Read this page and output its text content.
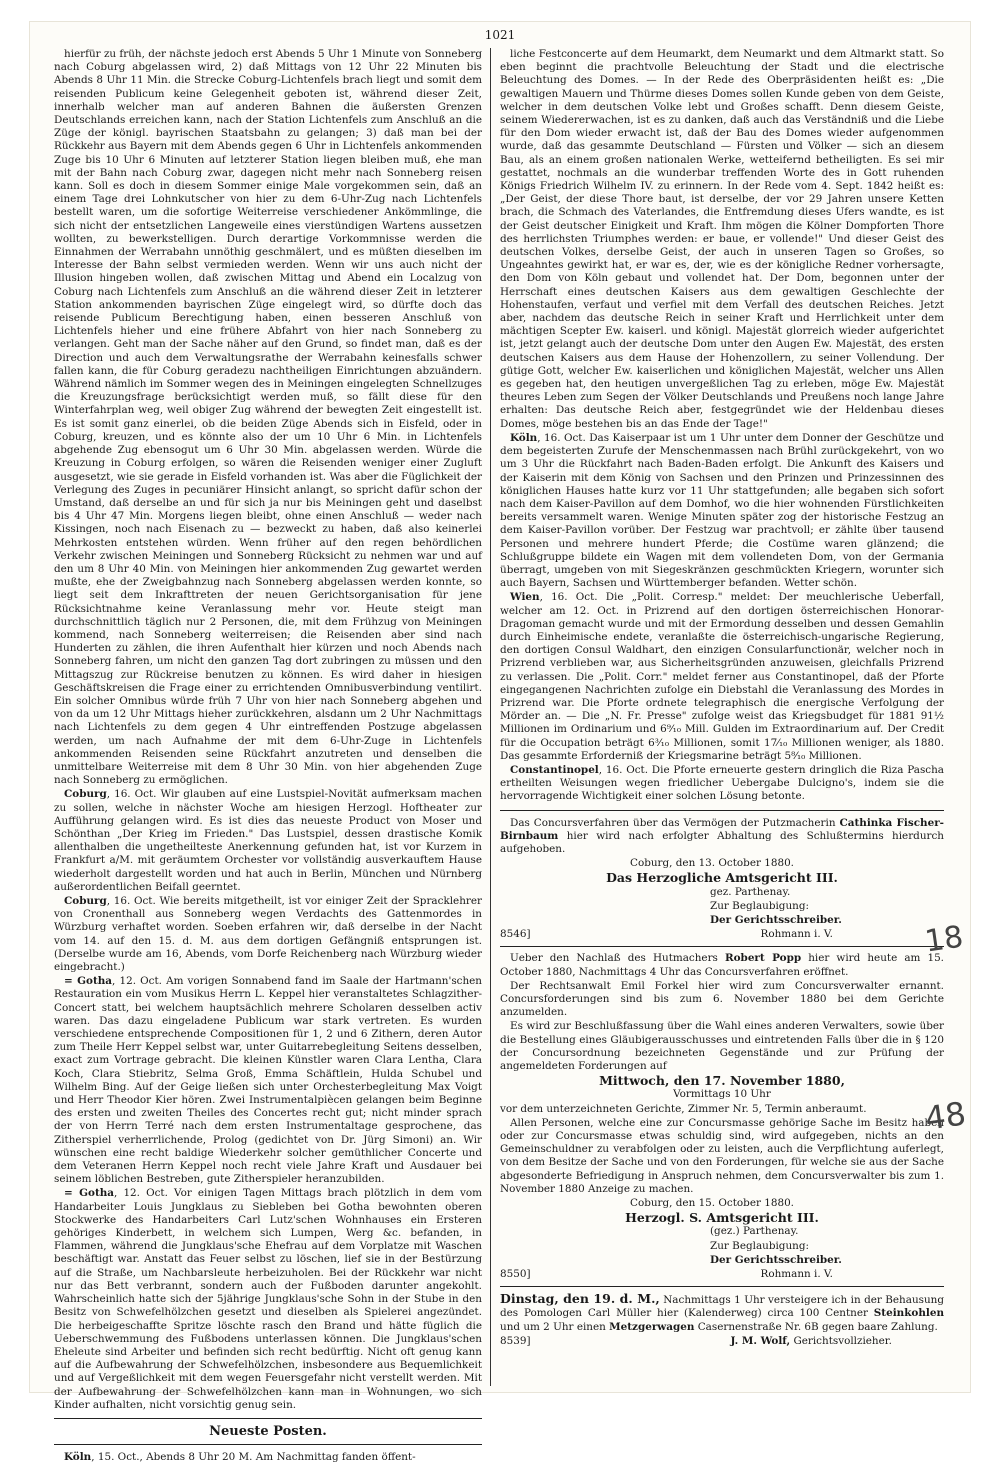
1021

hierfür zu früh, der nächste jedoch erst Abends 5 Uhr 1 Minute von Sonneberg nach Coburg abgelassen wird, 2) daß Mittags von 12 Uhr 22 Minuten bis Abends 8 Uhr 11 Min. die Strecke Coburg-Lichtenfels brach liegt und somit dem reisenden Publicum keine Gelegenheit geboten ist, während dieser Zeit, innerhalb welcher man auf anderen Bahnen die äußersten Grenzen Deutschlands erreichen kann, nach der Station Lichtenfels zum Anschluß an die Züge der königl. bayrischen Staatsbahn zu gelangen; 3) daß man bei der Rückkehr aus Bayern mit dem Abends gegen 6 Uhr in Lichtenfels ankommenden Zuge bis 10 Uhr 6 Minuten auf letzterer Station liegen bleiben muß, ehe man mit der Bahn nach Coburg zwar, dagegen nicht mehr nach Sonneberg reisen kann. Soll es doch in diesem Sommer einige Male vorgekommen sein, daß an einem Tage drei Lohnkutscher von hier zu dem 6-Uhr-Zug nach Lichtenfels bestellt waren, um die sofortige Weiterreise verschiedener Ankömmlinge, die sich nicht der entsetzlichen Langeweile eines vierstündigen Wartens aussetzen wollten, zu bewerkstelligen. Durch derartige Vorkommnisse werden die Einnahmen der Werrabahn unnöthig geschmälert, und es müßten dieselben im Interesse der Bahn selbst vermieden werden. Wenn wir uns auch nicht der Illusion hingeben wollen, daß zwischen Mittag und Abend ein Localzug von Coburg nach Lichtenfels zum Anschluß an die während dieser Zeit in letzterer Station ankommenden bayrischen Züge eingelegt wird, so dürfte doch das reisende Publicum Berechtigung haben, einen besseren Anschluß von Lichtenfels hieher und eine frühere Abfahrt von hier nach Sonneberg zu verlangen. Geht man der Sache näher auf den Grund, so findet man, daß es der Direction und auch dem Verwaltungsrathe der Werrabahn keinesfalls schwer fallen kann, die für Coburg geradezu nachtheiligen Einrichtungen abzuändern. Während nämlich im Sommer wegen des in Meiningen eingelegten Schnellzuges die Kreuzungsfrage berücksichtigt werden muß, so fällt diese für den Winterfahrplan weg, weil obiger Zug während der bewegten Zeit eingestellt ist. Es ist somit ganz einerlei, ob die beiden Züge Abends sich in Eisfeld, oder in Coburg, kreuzen, und es könnte also der um 10 Uhr 6 Min. in Lichtenfels abgehende Zug ebensogut um 6 Uhr 30 Min. abgelassen werden. Würde die Kreuzung in Coburg erfolgen, so wären die Reisenden weniger einer Zugluft ausgesetzt, wie sie gerade in Eisfeld vorhanden ist. Was aber die Füglichkeit der Verlegung des Zuges in pecuniärer Hinsicht anlangt, so spricht dafür schon der Umstand, daß derselbe an und für sich ja nur bis Meiningen geht und daselbst bis 4 Uhr 47 Min. Morgens liegen bleibt, ohne einen Anschluß — weder nach Kissingen, noch nach Eisenach zu — bezweckt zu haben, daß also keinerlei Mehrkosten entstehen würden. Wenn früher auf den regen behördlichen Verkehr zwischen Meiningen und Sonneberg Rücksicht zu nehmen war und auf den um 8 Uhr 40 Min. von Meiningen hier ankommenden Zug gewartet werden mußte, ehe der Zweigbahnzug nach Sonneberg abgelassen werden konnte, so liegt seit dem Inkrafttreten der neuen Gerichtsorganisation für jene Rücksichtnahme keine Veranlassung mehr vor. Heute steigt man durchschnittlich täglich nur 2 Personen, die, mit dem Frühzug von Meiningen kommend, nach Sonneberg weiterreisen; die Reisenden aber sind nach Hunderten zu zählen, die ihren Aufenthalt hier kürzen und noch Abends nach Sonneberg fahren, um nicht den ganzen Tag dort zubringen zu müssen und den Mittagszug zur Rückreise benutzen zu können. Es wird daher in hiesigen Geschäftskreisen die Frage einer zu errichtenden Omnibusverbindung ventilirt. Ein solcher Omnibus würde früh 7 Uhr von hier nach Sonneberg abgehen und von da um 12 Uhr Mittags hieher zurückkehren, alsdann um 2 Uhr Nachmittags nach Lichtenfels zu dem gegen 4 Uhr eintreffenden Postzuge abgelassen werden, um nach Aufnahme der mit dem 6-Uhr-Zuge in Lichtenfels ankommenden Reisenden seine Rückfahrt anzutreten und denselben die unmittelbare Weiterreise mit dem 8 Uhr 30 Min. von hier abgehenden Zuge nach Sonneberg zu ermöglichen.

Coburg, 16. Oct. Wir glauben auf eine Lustspiel-Novität aufmerksam machen zu sollen, welche in nächster Woche am hiesigen Herzogl. Hoftheater zur Aufführung gelangen wird. Es ist dies das neueste Product von Moser und Schönthan „Der Krieg im Frieden." Das Lustspiel, dessen drastische Komik allenthalben die ungetheilteste Anerkennung gefunden hat, ist vor Kurzem in Frankfurt a/M. mit geräumtem Orchester vor vollständig ausverkauftem Hause wiederholt dargestellt worden und hat auch in Berlin, München und Nürnberg außerordentlichen Beifall geerntet.

Coburg, 16. Oct. Wie bereits mitgetheilt, ist vor einiger Zeit der Spracklehrer von Cronenthall aus Sonneberg wegen Verdachts des Gattenmordes in Würzburg verhaftet worden. Soeben erfahren wir, daß derselbe in der Nacht vom 14. auf den 15. d. M. aus dem dortigen Gefängniß entsprungen ist. (Derselbe wurde am 16, Abends, vom Dorfe Reichenberg nach Würzburg wieder eingebracht.)

= Gotha, 12. Oct. Am vorigen Sonnabend fand im Saale der Hartmann'schen Restauration ein vom Musikus Herrn L. Keppel hier veranstaltetes Schlagzither-Concert statt, bei welchem hauptsächlich mehrere Scholaren desselben activ waren. Das dazu eingeladene Publicum war stark vertreten. Es wurden verschiedene entsprechende Compositionen für 1, 2 und 6 Zithern, deren Autor zum Theile Herr Keppel selbst war, unter Guitarrebegleitung Seitens desselben, exact zum Vortrage gebracht. Die kleinen Künstler waren Clara Lentha, Clara Koch, Clara Stiebritz, Selma Groß, Emma Schäftlein, Hulda Schubel und Wilhelm Bing. Auf der Geige ließen sich unter Orchesterbegleitung Max Voigt und Herr Theodor Kier hören. Zwei Instrumentalpiècen gelangen beim Beginne des ersten und zweiten Theiles des Concertes recht gut; nicht minder sprach der von Herrn Terré nach dem ersten Instrumentaltage gesprochene, das Zitherspiel verherrlichende, Prolog (gedichtet von Dr. Jürg Simoni) an. Wir wünschen eine recht baldige Wiederkehr solcher gemüthlicher Concerte und dem Veteranen Herrn Keppel noch recht viele Jahre Kraft und Ausdauer bei seinem löblichen Bestreben, gute Zitherspieler heranzubilden.

= Gotha, 12. Oct. Vor einigen Tagen Mittags brach plötzlich in dem vom Handarbeiter Louis Jungklaus zu Siebleben bei Gotha bewohnten oberen Stockwerke des Handarbeiters Carl Lutz'schen Wohnhauses ein Ersteren gehöriges Kinderbett, in welchem sich Lumpen, Werg &c. befanden, in Flammen, während die Jungklaus'sche Ehefrau auf dem Vorplatze mit Waschen beschäftigt war. Anstatt das Feuer selbst zu löschen, lief sie in der Bestürzung auf die Straße, um Nachbarsleute herbeizuholen. Bei der Rückkehr war nicht nur das Bett verbrannt, sondern auch der Fußboden darunter angekohlt. Wahrscheinlich hatte sich der 5jährige Jungklaus'sche Sohn in der Stube in den Besitz von Schwefelhölzchen gesetzt und dieselben als Spielerei angezündet. Die herbeigeschaffte Spritze löschte rasch den Brand und hätte füglich die Ueberschwemmung des Fußbodens unterlassen können. Die Jungklaus'schen Eheleute sind Arbeiter und befinden sich recht bedürftig. Nicht oft genug kann auf die Aufbewahrung der Schwefelhölzchen, insbesondere aus Bequemlichkeit und auf Vergeßlichkeit mit dem wegen Feuersgefahr nicht verstellt werden. Mit der Aufbewahrung der Schwefelhölzchen kann man in Wohnungen, wo sich Kinder aufhalten, nicht vorsichtig genug sein.

Neueste Posten.

Köln, 15. Oct., Abends 8 Uhr 20 M. Am Nachmittag fanden öffent-

liche Festconcerte auf dem Heumarkt, dem Neumarkt und dem Altmarkt statt. So eben beginnt die prachtvolle Beleuchtung der Stadt und die electrische Beleuchtung des Domes. — In der Rede des Oberpräsidenten heißt es: „Die gewaltigen Mauern und Thürme dieses Domes sollen Kunde geben von dem Geiste, welcher in dem deutschen Volke lebt und Großes schafft. Denn diesem Geiste, seinem Wiedererwachen, ist es zu danken, daß auch das Verständniß und die Liebe für den Dom wieder erwacht ist, daß der Bau des Domes wieder aufgenommen wurde, daß das gesammte Deutschland — Fürsten und Völker — sich an diesem Bau, als an einem großen nationalen Werke, wetteifernd betheiligten. Es sei mir gestattet, nochmals an die wunderbar treffenden Worte des in Gott ruhenden Königs Friedrich Wilhelm IV. zu erinnern. In der Rede vom 4. Sept. 1842 heißt es: „Der Geist, der diese Thore baut, ist derselbe, der vor 29 Jahren unsere Ketten brach, die Schmach des Vaterlandes, die Entfremdung dieses Ufers wandte, es ist der Geist deutscher Einigkeit und Kraft. Ihm mögen die Kölner Dompforten Thore des herrlichsten Triumphes werden: er baue, er vollende!" Und dieser Geist des deutschen Volkes, derselbe Geist, der auch in unseren Tagen so Großes, so Ungeahntes gewirkt hat, er war es, der, wie es der königliche Redner vorhersagte, den Dom von Köln gebaut und vollendet hat. Der Dom, begonnen unter der Herrschaft eines deutschen Kaisers aus dem gewaltigen Geschlechte der Hohenstaufen, verfaut und verfiel mit dem Verfall des deutschen Reiches. Jetzt aber, nachdem das deutsche Reich in seiner Kraft und Herrlichkeit unter dem mächtigen Scepter Ew. kaiserl. und königl. Majestät glorreich wieder aufgerichtet ist, jetzt gelangt auch der deutsche Dom unter den Augen Ew. Majestät, des ersten deutschen Kaisers aus dem Hause der Hohenzollern, zu seiner Vollendung. Der gütige Gott, welcher Ew. kaiserlichen und königlichen Majestät, welcher uns Allen es gegeben hat, den heutigen unvergeßlichen Tag zu erleben, möge Ew. Majestät theures Leben zum Segen der Völker Deutschlands und Preußens noch lange Jahre erhalten: Das deutsche Reich aber, festgegründet wie der Heldenbau dieses Domes, möge bestehen bis an das Ende der Tage!"

Köln, 16. Oct. Das Kaiserpaar ist um 1 Uhr unter dem Donner der Geschütze und dem begeisterten Zurufe der Menschenmassen nach Brühl zurückgekehrt, von wo um 3 Uhr die Rückfahrt nach Baden-Baden erfolgt. Die Ankunft des Kaisers und der Kaiserin mit dem König von Sachsen und den Prinzen und Prinzessinnen des königlichen Hauses hatte kurz vor 11 Uhr stattgefunden; alle begaben sich sofort nach dem Kaiser-Pavillon auf dem Domhof, wo die hier wohnenden Fürstlichkeiten bereits versammelt waren. Wenige Minuten später zog der historische Festzug an dem Kaiser-Pavillon vorüber. Der Festzug war prachtvoll; er zählte über tausend Personen und mehrere hundert Pferde; die Costüme waren glänzend; die Schlußgruppe bildete ein Wagen mit dem vollendeten Dom, von der Germania überragt, umgeben von mit Siegeskränzen geschmückten Kriegern, worunter sich auch Bayern, Sachsen und Württemberger befanden. Wetter schön.

Wien, 16. Oct. Die „Polit. Corresp." meldet: Der meuchlerische Ueberfall, welcher am 12. Oct. in Prizrend auf den dortigen österreichischen Honorar-Dragoman gemacht wurde und mit der Ermordung desselben und dessen Gemahlin durch Einheimische endete, veranlaßte die österreichisch-ungarische Regierung, den dortigen Consul Waldhart, den einzigen Consularfunctionär, welcher noch in Prizrend verblieben war, aus Sicherheitsgründen anzuweisen, gleichfalls Prizrend zu verlassen. Die „Polit. Corr." meldet ferner aus Constantinopel, daß der Pforte eingegangenen Nachrichten zufolge ein Diebstahl die Veranlassung des Mordes in Prizrend war. Die Pforte ordnete telegraphisch die energische Verfolgung der Mörder an. — Die „N. Fr. Presse" zufolge weist das Kriegsbudget für 1881 91½ Millionen im Ordinarium und 6⁹⁄₁₀ Mill. Gulden im Extraordinarium auf. Der Credit für die Occupation beträgt 6³⁄₁₀ Millionen, somit 17⁄₁₀ Millionen weniger, als 1880. Das gesammte Erforderniß der Kriegsmarine beträgt 5⁸⁄₁₀ Millionen.

Constantinopel, 16. Oct. Die Pforte erneuerte gestern dringlich die Riza Pascha ertheilten Weisungen wegen friedlicher Uebergabe Dulcigno's, indem sie die hervorragende Wichtigkeit einer solchen Lösung betonte.

Das Concursverfahren über das Vermögen der Putzmacherin Cathinka Fischer-Birnbaum hier wird nach erfolgter Abhaltung des Schlußtermins hierdurch aufgehoben.

Coburg, den 13. October 1880.

Das Herzogliche Amtsgericht III.

gez. Parthenay.

Zur Beglaubigung:

Der Gerichtsschreiber.

8546]	Rohmann i. V.

Ueber den Nachlaß des Hutmachers Robert Popp hier wird heute am 15. October 1880, Nachmittags 4 Uhr das Concursverfahren eröffnet.

Der Rechtsanwalt Emil Forkel hier wird zum Concursverwalter ernannt. Concursforderungen sind bis zum 6. November 1880 bei dem Gerichte anzumelden.

Es wird zur Beschlußfassung über die Wahl eines anderen Verwalters, sowie über die Bestellung eines Gläubigerausschusses und eintretenden Falls über die in § 120 der Concursordnung bezeichneten Gegenstände und zur Prüfung der angemeldeten Forderungen auf

Mittwoch, den 17. November 1880,

Vormittags 10 Uhr

vor dem unterzeichneten Gerichte, Zimmer Nr. 5, Termin anberaumt.

Allen Personen, welche eine zur Concursmasse gehörige Sache im Besitz haben oder zur Concursmasse etwas schuldig sind, wird aufgegeben, nichts an den Gemeinschuldner zu verabfolgen oder zu leisten, auch die Verpflichtung auferlegt, von dem Besitze der Sache und von den Forderungen, für welche sie aus der Sache abgesonderte Befriedigung in Anspruch nehmen, dem Concursverwalter bis zum 1. November 1880 Anzeige zu machen.

Coburg, den 15. October 1880.

Herzogl. S. Amtsgericht III.

(gez.) Parthenay.

Zur Beglaubigung:

Der Gerichtsschreiber.

8550]	Rohmann i. V.

Dinstag, den 19. d. M., Nachmittags 1 Uhr versteigere ich in der Behausung des Pomologen Carl Müller hier (Kalenderweg) circa 100 Centner Steinkohlen und um 2 Uhr einen Metzgerwagen Casernenstraße Nr. 6B gegen baare Zahlung.

8539]	J. M. Wolf, Gerichtsvollzieher.

18
48
